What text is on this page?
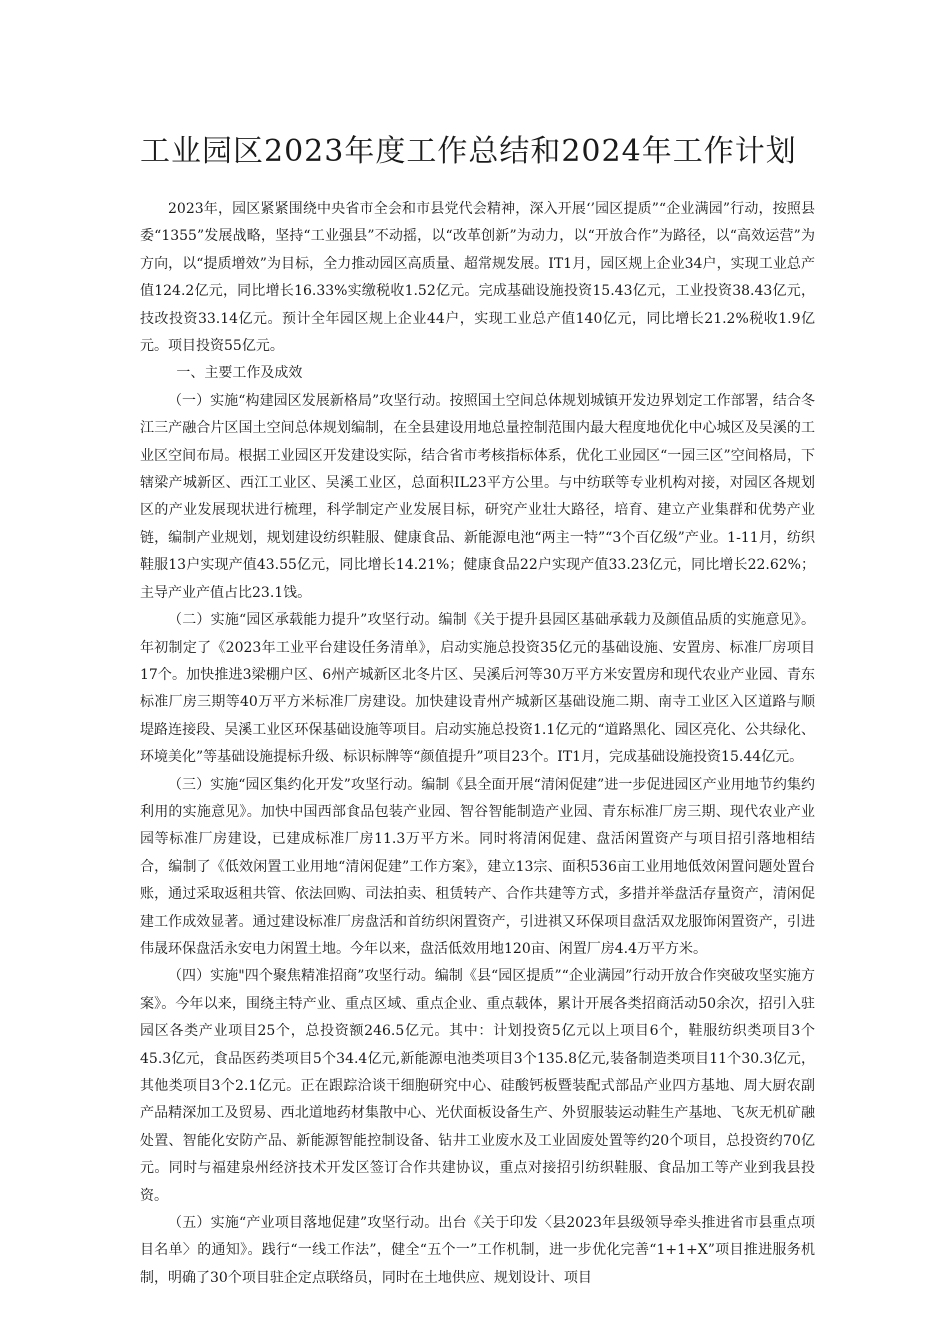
工业园区2023年度工作总结和2024年工作计划

2023年，园区紧紧围绕中央省市全会和市县党代会精神，深入开展‘’园区提质”“企业满园”行动，按照县委“1355”发展战略，坚持“工业强县”不动摇，以“改革创新”为动力，以“开放合作”为路径，以“高效运营”为方向，以“提质增效”为目标，全力推动园区高质量、超常规发展。IT1月，园区规上企业34户，实现工业总产值124.2亿元，同比增长16.33%实缴税收1.52亿元。完成基础设施投资15.43亿元，工业投资38.43亿元，技改投资33.14亿元。预计全年园区规上企业44户，实现工业总产值140亿元，同比增长21.2%税收1.9亿元。项目投资55亿元。

一、主要工作及成效

（一）实施“构建园区发展新格局”攻坚行动。按照国土空间总体规划城镇开发边界划定工作部署，结合冬江三产融合片区国土空间总体规划编制，在全县建设用地总量控制范围内最大程度地优化中心城区及吴溪的工业区空间布局。根据工业园区开发建设实际，结合省市考核指标体系，优化工业园区“一园三区”空间格局，下辖梁产城新区、西江工业区、吴溪工业区，总面积IL23平方公里。与中纺联等专业机构对接，对园区各规划区的产业发展现状进行梳理，科学制定产业发展目标，研究产业壮大路径，培育、建立产业集群和优势产业链，编制产业规划，规划建设纺织鞋服、健康食品、新能源电池“两主一特”“3个百亿级”产业。1-11月，纺织鞋服13户实现产值43.55亿元，同比增长14.21%；健康食品22户实现产值33.23亿元，同比增长22.62%；主导产业产值占比23.1饯。

（二）实施“园区承载能力提升”攻坚行动。编制《关于提升县园区基础承载力及颜值品质的实施意见》。年初制定了《2023年工业平台建设任务清单》，启动实施总投资35亿元的基础设施、安置房、标准厂房项目17个。加快推进3梁棚户区、6州产城新区北冬片区、吴溪后河等30万平方米安置房和现代农业产业园、青东标准厂房三期等40万平方米标准厂房建设。加快建设青州产城新区基础设施二期、南寺工业区入区道路与顺堤路连接段、吴溪工业区环保基础设施等项目。启动实施总投资1.1亿元的“道路黑化、园区亮化、公共绿化、环境美化”等基础设施提标升级、标识标牌等“颜值提升”项目23个。IT1月，完成基础设施投资15.44亿元。

（三）实施“园区集约化开发”攻坚行动。编制《县全面开展“清闲促建”进一步促进园区产业用地节约集约利用的实施意见》。加快中国西部食品包装产业园、智谷智能制造产业园、青东标准厂房三期、现代农业产业园等标准厂房建设，已建成标准厂房11.3万平方米。同时将清闲促建、盘活闲置资产与项目招引落地相结合，编制了《低效闲置工业用地“清闲促建”工作方案》，建立13宗、面积536亩工业用地低效闲置问题处置台账，通过采取返租共管、依法回购、司法拍卖、租赁转产、合作共建等方式，多措并举盘活存量资产，清闲促建工作成效显著。通过建设标准厂房盘活和首纺织闲置资产，引进祺又环保项目盘活双龙服饰闲置资产，引进伟晟环保盘活永安电力闲置土地。今年以来，盘活低效用地120亩、闲置厂房4.4万平方米。

（四）实施"四个聚焦精准招商”攻坚行动。编制《县“园区提质”“企业满园”行动开放合作突破攻坚实施方案》。今年以来，围绕主特产业、重点区域、重点企业、重点载体，累计开展各类招商活动50余次，招引入驻园区各类产业项目25个，总投资额246.5亿元。其中：计划投资5亿元以上项目6个，鞋服纺织类项目3个45.3亿元，食品医药类项目5个34.4亿元,新能源电池类项目3个135.8亿元,装备制造类项目11个30.3亿元，其他类项目3个2.1亿元。正在跟踪洽谈干细胞研究中心、硅酸钙板暨装配式部品产业四方基地、周大厨农副产品精深加工及贸易、西北道地药材集散中心、光伏面板设备生产、外贸服装运动鞋生产基地、飞灰无机矿融处置、智能化安防产品、新能源智能控制设备、钻井工业废水及工业固废处置等约20个项目，总投资约70亿元。同时与福建泉州经济技术开发区签订合作共建协议，重点对接招引纺织鞋服、食品加工等产业到我县投资。

（五）实施“产业项目落地促建”攻坚行动。出台《关于印发〈县2023年县级领导牵头推进省市县重点项目名单〉的通知》。践行“一线工作法”，健全“五个一”工作机制，进一步优化完善“1+1+X”项目推进服务机制，明确了30个项目驻企定点联络员，同时在土地供应、规划设计、项目
